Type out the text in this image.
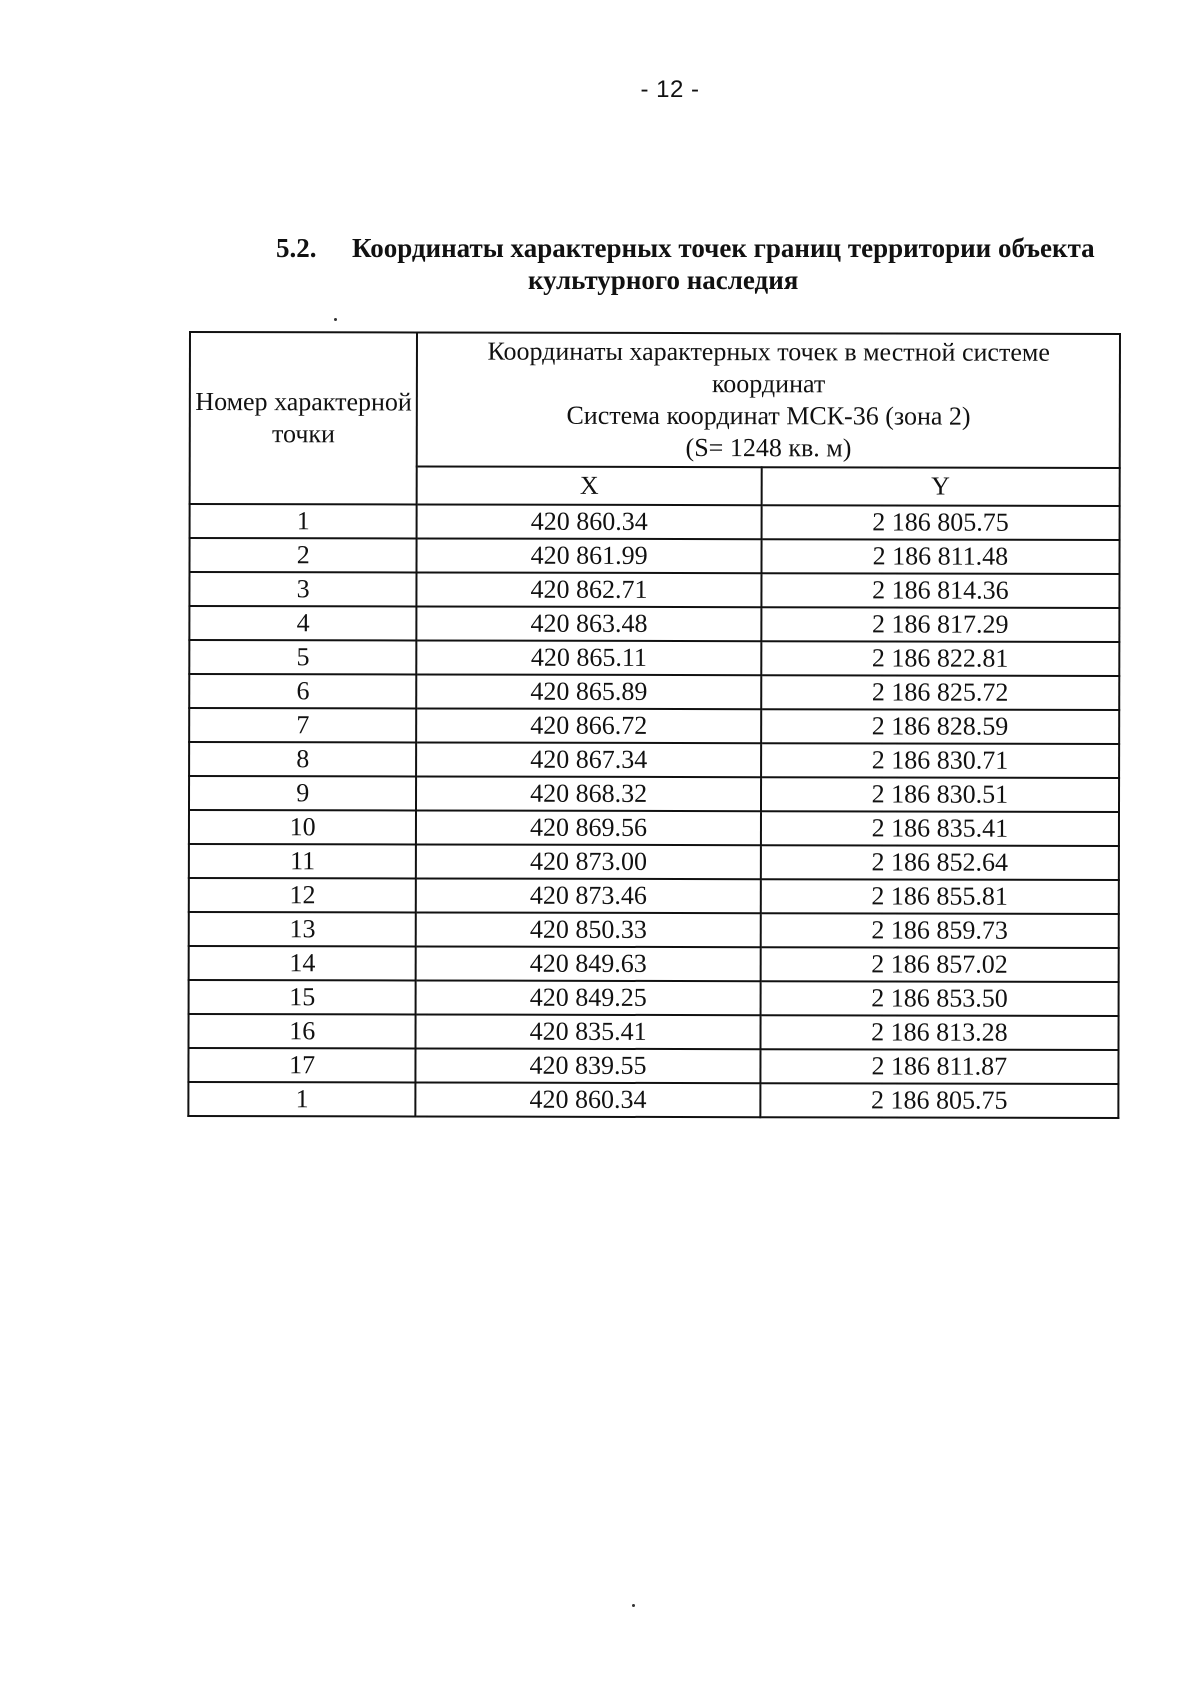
- 12 -
5.2. Координаты характерных точек границ территории объекта
культурного наследия
Номер характерной точки	Координаты характерных точек в местной системе
координат
Система координат МСК-36 (зона 2)
(S= 1248 кв. м)	

	X	Y
1	420 860.34	2 186 805.75
2	420 861.99	2 186 811.48
3	420 862.71	2 186 814.36
4	420 863.48	2 186 817.29
5	420 865.11	2 186 822.81
6	420 865.89	2 186 825.72
7	420 866.72	2 186 828.59
8	420 867.34	2 186 830.71
9	420 868.32	2 186 830.51
10	420 869.56	2 186 835.41
11	420 873.00	2 186 852.64
12	420 873.46	2 186 855.81
13	420 850.33	2 186 859.73
14	420 849.63	2 186 857.02
15	420 849.25	2 186 853.50
16	420 835.41	2 186 813.28
17	420 839.55	2 186 811.87
1	420 860.34	2 186 805.75
